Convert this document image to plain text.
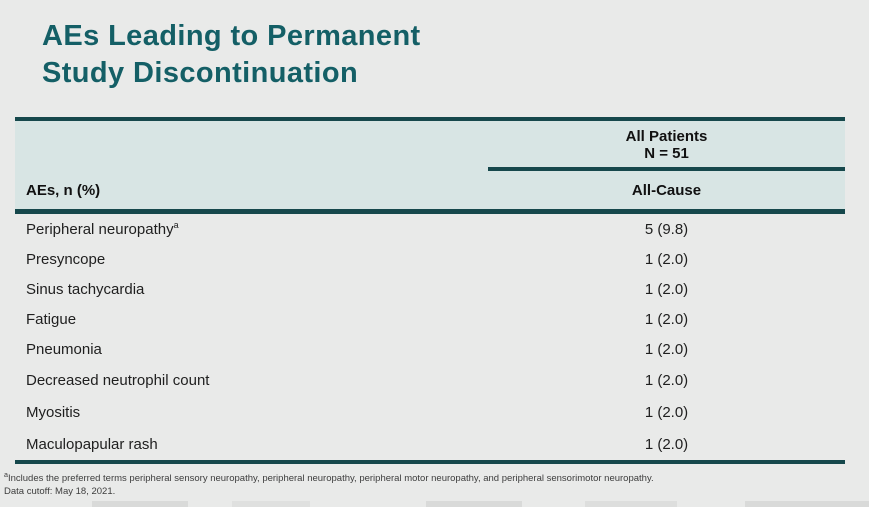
AEs Leading to Permanent
Study Discontinuation
All Patients
N = 51
AEs, n (%)	All-Cause
Peripheral neuropathy$^a$	5 (9.8)
Presyncope	1 (2.0)
Sinus tachycardia	1 (2.0)
Fatigue	1 (2.0)
Pneumonia	1 (2.0)
Decreased neutrophil count	1 (2.0)
Myositis	1 (2.0)
Maculopapular rash	1 (2.0)
$^a$Includes the preferred terms peripheral sensory neuropathy, peripheral neuropathy, peripheral motor neuropathy, and peripheral sensorimotor neuropathy.
Data cutoff: May 18, 2021.
